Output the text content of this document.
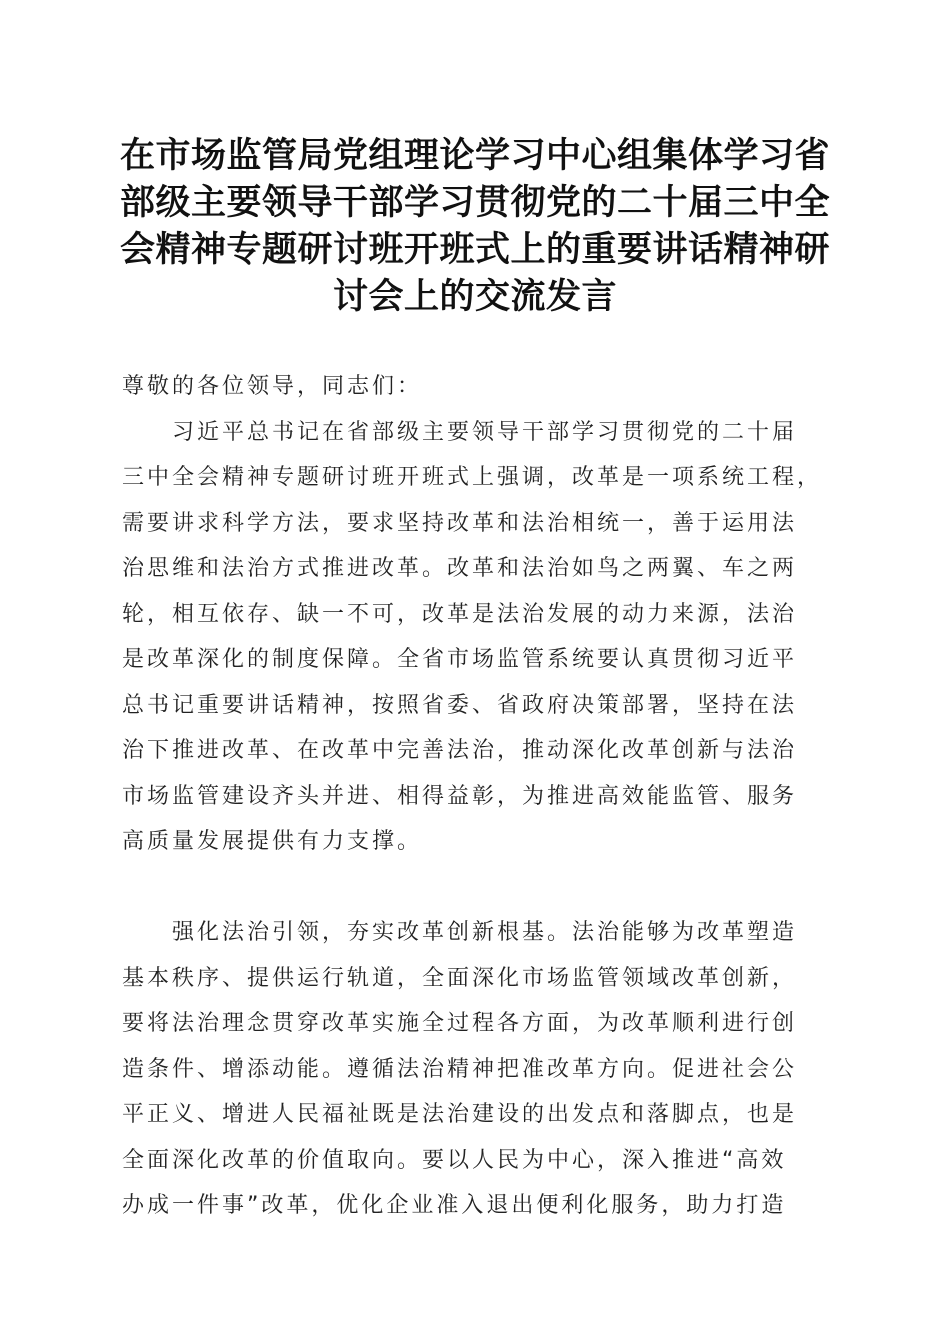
在市场监管局党组理论学习中心组集体学习省
部级主要领导干部学习贯彻党的二十届三中全
会精神专题研讨班开班式上的重要讲话精神研
讨会上的交流发言
尊敬的各位领导，同志们：
习近平总书记在省部级主要领导干部学习贯彻党的二十届
三中全会精神专题研讨班开班式上强调，改革是一项系统工程，
需要讲求科学方法，要求坚持改革和法治相统一，善于运用法
治思维和法治方式推进改革。改革和法治如鸟之两翼、车之两
轮，相互依存、缺一不可，改革是法治发展的动力来源，法治
是改革深化的制度保障。全省市场监管系统要认真贯彻习近平
总书记重要讲话精神，按照省委、省政府决策部署，坚持在法
治下推进改革、在改革中完善法治，推动深化改革创新与法治
市场监管建设齐头并进、相得益彰，为推进高效能监管、服务
高质量发展提供有力支撑。
强化法治引领，夯实改革创新根基。法治能够为改革塑造
基本秩序、提供运行轨道，全面深化市场监管领域改革创新，
要将法治理念贯穿改革实施全过程各方面，为改革顺利进行创
造条件、增添动能。遵循法治精神把准改革方向。促进社会公
平正义、增进人民福祉既是法治建设的出发点和落脚点，也是
全面深化改革的价值取向。要以人民为中心，深入推进“高效
办成一件事”改革，优化企业准入退出便利化服务，助力打造
